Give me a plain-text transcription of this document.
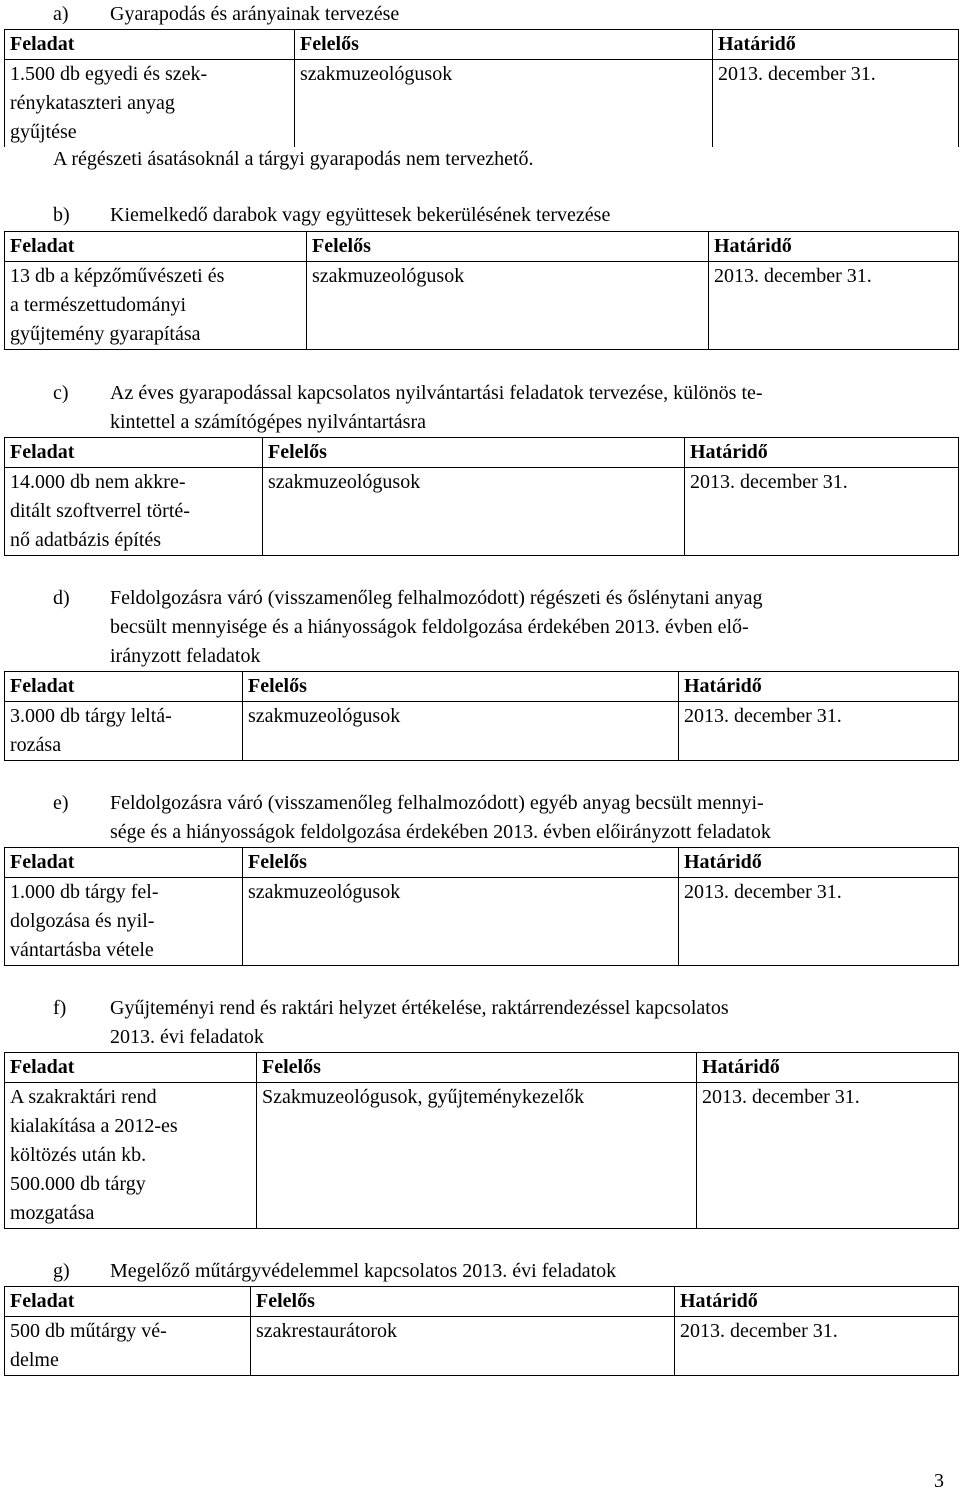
a) Gyarapodás és arányainak tervezése
Feladat	Felelős	Határidő
1.500 db egyedi és szek-
rénykataszteri anyag
gyűjtése	szakmuzeológusok	2013. december 31.
A régészeti ásatásoknál a tárgyi gyarapodás nem tervezhető.
b) Kiemelkedő darabok vagy együttesek bekerülésének tervezése
Feladat	Felelős	Határidő
13 db a képzőművészeti és
a természettudományi
gyűjtemény gyarapítása	szakmuzeológusok	2013. december 31.
c) Az éves gyarapodással kapcsolatos nyilvántartási feladatok tervezése, különös te-
kintettel a számítógépes nyilvántartásra
Feladat	Felelős	Határidő
14.000 db nem akkre-
ditált szoftverrel törté-
nő adatbázis építés	szakmuzeológusok	2013. december 31.
d) Feldolgozásra váró (visszamenőleg felhalmozódott) régészeti és őslénytani anyag
becsült mennyisége és a hiányosságok feldolgozása érdekében 2013. évben elő-
irányzott feladatok
Feladat	Felelős	Határidő
3.000 db tárgy leltá-
rozása	szakmuzeológusok	2013. december 31.
e) Feldolgozásra váró (visszamenőleg felhalmozódott) egyéb anyag becsült mennyi-
sége és a hiányosságok feldolgozása érdekében 2013. évben előirányzott feladatok
Feladat	Felelős	Határidő
1.000 db tárgy fel-
dolgozása és nyil-
vántartásba vétele	szakmuzeológusok	2013. december 31.
f) Gyűjteményi rend és raktári helyzet értékelése, raktárrendezéssel kapcsolatos
2013. évi feladatok
Feladat	Felelős	Határidő
A szakraktári rend
kialakítása a 2012-es
költözés után kb.
500.000 db tárgy
mozgatása	Szakmuzeológusok, gyűjteménykezelők	2013. december 31.
g) Megelőző műtárgyvédelemmel kapcsolatos 2013. évi feladatok
Feladat	Felelős	Határidő
500 db műtárgy vé-
delme	szakrestaurátorok	2013. december 31.
3
